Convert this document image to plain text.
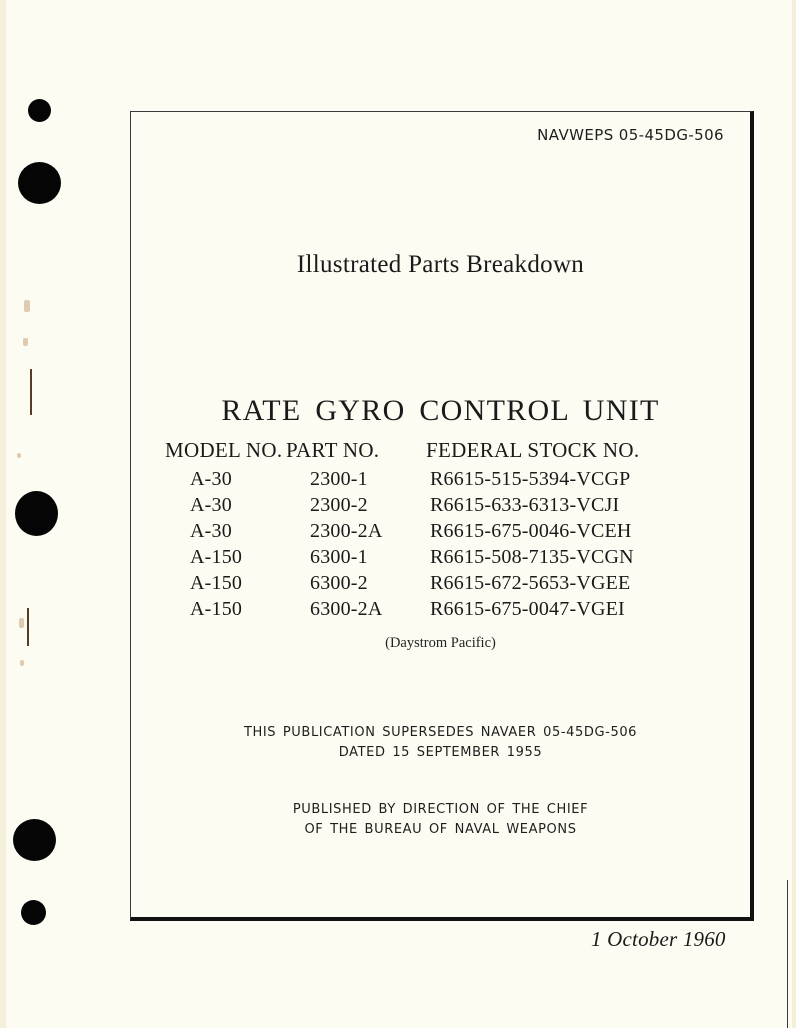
NAVWEPS 05-45DG-506
Illustrated Parts Breakdown
RATE GYRO CONTROL UNIT
MODEL NO. PART NO. FEDERAL STOCK NO.
A-30	2300-1	R6615-515-5394-VCGP
A-30	2300-2	R6615-633-6313-VCJI
A-30	2300-2A R6615-675-0046-VCEH
A-150	6300-1	R6615-508-7135-VCGN
A-150	6300-2	R6615-672-5653-VGEE
A-150	6300-2A R6615-675-0047-VGEI
(Daystrom Pacific)
THIS PUBLICATION SUPERSEDES NAVAER 05-45DG-506
DATED 15 SEPTEMBER 1955
PUBLISHED BY DIRECTION OF THE CHIEF
OF THE BUREAU OF NAVAL WEAPONS
1 October 1960
